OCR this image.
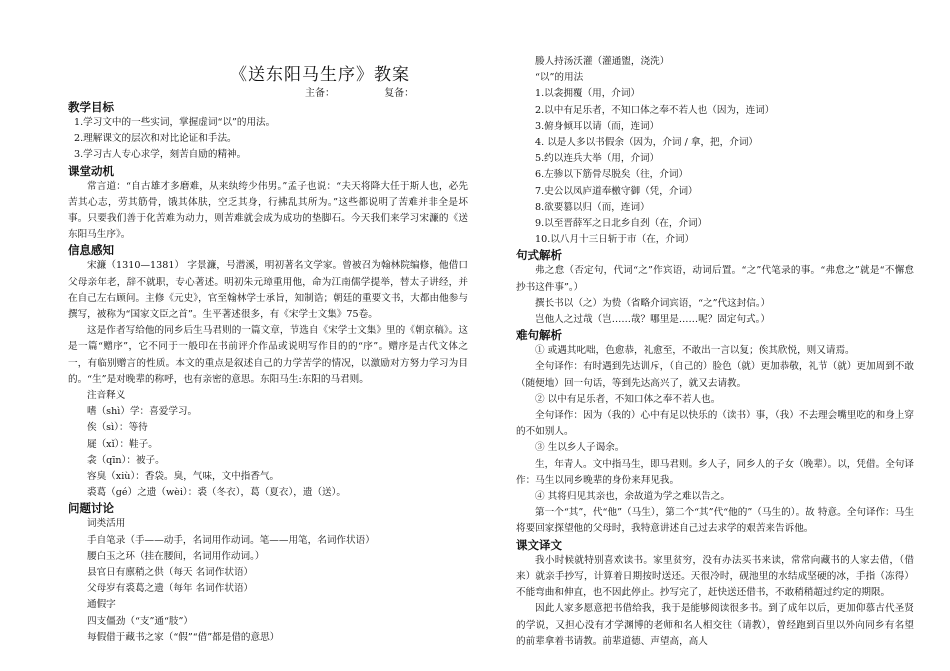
《送东阳马生序》教案
主备：	复备：

教学目标

1.学习文中的一些实词，掌握虚词“以”的用法。

2.理解课文的层次和对比论证和手法。

3.学习古人专心求学，刻苦自励的精神。

课堂动机

常言道：“自古雄才多磨难，从来纨绔少伟男。”孟子也说：“夫天将降大任于斯人也，必先苦其心志，劳其筋骨，饿其体肤，空乏其身，行拂乱其所为。”这些都说明了苦难并非全是坏事。只要我们善于化苦难为动力，则苦难就会成为成功的垫脚石。今天我们来学习宋濂的《送东阳马生序》。

信息感知

宋濂（1310—1381） 字景濂，号潜溪，明初著名文学家。曾被召为翰林院编修，他借口父母亲年老，辞不就职，专心著述。明初朱元璋重用他，命为江南儒学提举，替太子讲经，并在自己左右顾问。主修《元史》，官至翰林学士承旨，知制诰；朝廷的重要文书，大都由他参与撰写，被称为“国家文臣之首”。生平著述很多，有《宋学士文集》75卷。

这是作者写给他的同乡后生马君则的一篇文章，节选自《宋学士文集》里的《朝京稿》。这是一篇“赠序”，它不同于一般印在书前评介作品或说明写作目的的“序”。赠序是古代文体之一，有临别赠言的性质。本文的重点是叙述自己的力学苦学的情况，以激励对方努力学习为目的。“生”是对晚辈的称呼，也有亲密的意思。东阳马生:东阳的马君则。

注音释义

嗜（shì）学：喜爱学习。

俟（sì）：等待

屣（xǐ）：鞋子。

衾（qīn）：被子。

容臭（xiù）：香袋。臭，气味，文中指香气。

裘葛（gé）之遗（wèi）：裘（冬衣），葛（夏衣），遗（送）。

问题讨论

词类活用

手自笔录（手——动手，名词用作动词。笔——用笔，名词作状语）

腰白玉之环（挂在腰间，名词用作动词。）

县官日有廪稍之供（每天 名词作状语）

父母岁有裘葛之遗（每年 名词作状语）

通假字

四支僵劲（“支”通“肢”）

每假借于藏书之家（“假”“借”都是借的意思）

媵人持汤沃灌（灌通盥，浇洗）

“以”的用法

1.以衾拥覆（用，介词）

2.以中有足乐者，不知口体之奉不若人也（因为，连词）

3.俯身倾耳以请（而，连词）

4. 以是人多以书假余（因为，介词 / 拿，把，介词）

5.约以连兵大举（用，介词）

6.左骖以下筋骨尽脱矣（往，介词）

7.史公以凤庐道奉檄守御（凭，介词）

8.欲要篡以归（而，连词）

9.以至晋薛军之日北乡自刭（在，介词）

10.以八月十三日斩于市（在，介词）

句式解析

弗之怠（否定句，代词“之”作宾语，动词后置。“之”代笔录的事。“弗怠之”就是“不懈怠抄书这件事”。）

撰长书以（之）为贽（省略介词宾语，“之”代这封信。）

岂他人之过哉（岂……哉？哪里是……呢？固定句式。）

难句解析

① 或遇其叱咄，色愈恭，礼愈至，不敢出一言以复；俟其欣悦，则又请焉。

全句译作：有时遇到先达训斥，（自己的）脸色（就）更加恭敬，礼节（就）更加周到不敢（随便地）回一句话，等到先达高兴了，就又去请教。

② 以中有足乐者，不知口体之奉不若人也。

全句译作：因为（我的）心中有足以快乐的（读书）事，（我）不去理会嘴里吃的和身上穿的不如别人。

③ 生以乡人子谒余。

生，年青人。文中指马生，即马君则。乡人子，同乡人的子女（晚辈）。以，凭借。全句译作：马生以同乡晚辈的身份来拜见我。

④ 其将归见其亲也，余故道为学之难以告之。

第一个“其”，代“他”（马生），第二个“其”代“他的”（马生的）。故 特意。全句译作：马生将要回家探望他的父母时，我特意讲述自己过去求学的艰苦来告诉他。

课文译文

我小时候就特别喜欢读书。家里贫穷，没有办法买书来读，常常向藏书的人家去借，（借来）就亲手抄写，计算着日期按时送还。天很冷时，砚池里的水结成坚硬的冰，手指（冻得）不能弯曲和伸直，也不因此停止。抄写完了，赶快送还借书，不敢稍稍超过约定的期限。

因此人家多愿意把书借给我，我于是能够阅读很多书。到了成年以后，更加仰慕古代圣贤的学说，又担心没有才学渊博的老师和名人相交往（请教），曾经跑到百里以外向同乡有名望的前辈拿着书请教。前辈道德、声望高，高人
